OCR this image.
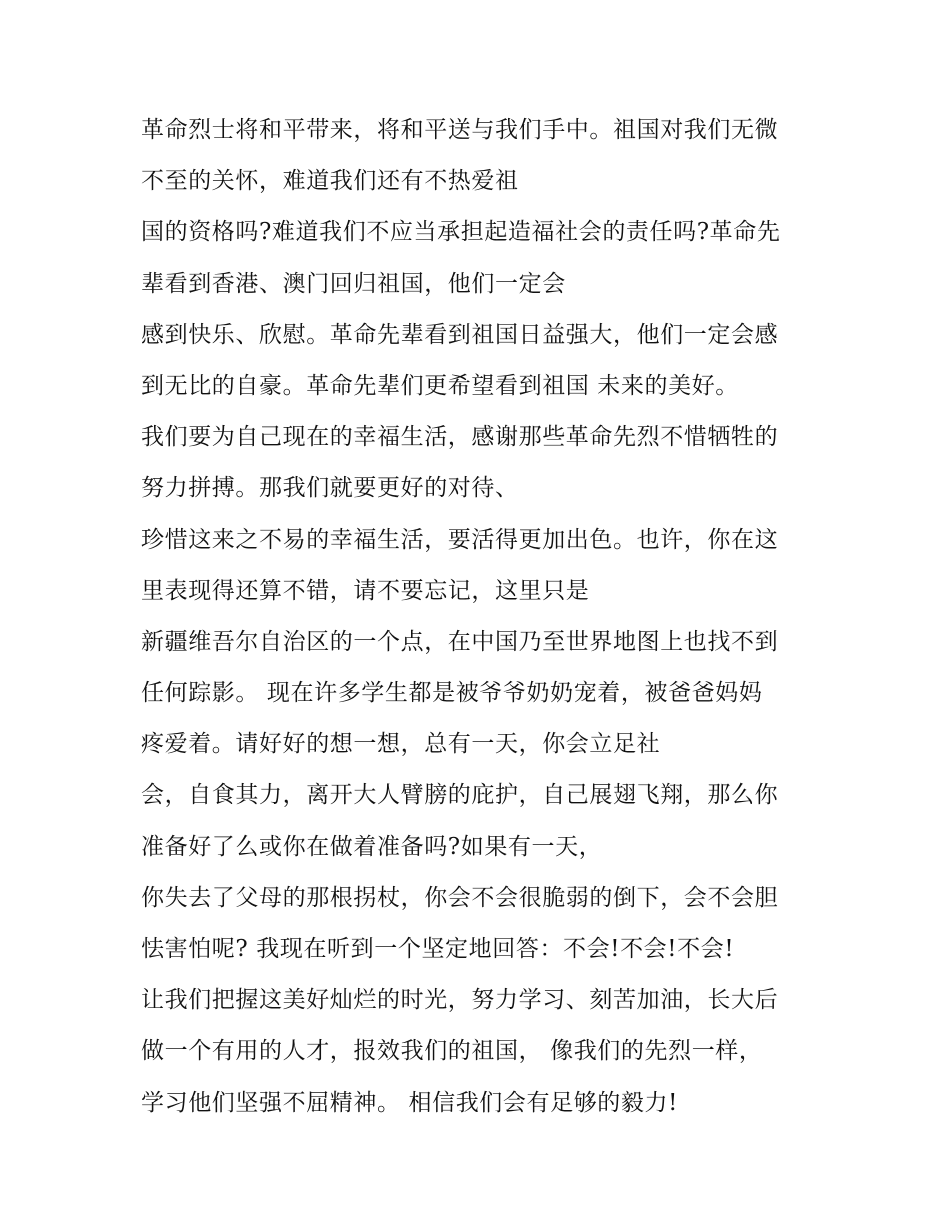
革命烈士将和平带来，将和平送与我们手中。祖国对我们无微
不至的关怀，难道我们还有不热爱祖
国的资格吗?难道我们不应当承担起造福社会的责任吗?革命先
辈看到香港、澳门回归祖国，他们一定会
感到快乐、欣慰。革命先辈看到祖国日益强大，他们一定会感
到无比的自豪。革命先辈们更希望看到祖国 未来的美好。
我们要为自己现在的幸福生活，感谢那些革命先烈不惜牺牲的
努力拼搏。那我们就要更好的对待、
珍惜这来之不易的幸福生活，要活得更加出色。也许，你在这
里表现得还算不错，请不要忘记，这里只是
新疆维吾尔自治区的一个点，在中国乃至世界地图上也找不到
任何踪影。 现在许多学生都是被爷爷奶奶宠着，被爸爸妈妈
疼爱着。请好好的想一想，总有一天，你会立足社
会，自食其力，离开大人臂膀的庇护，自己展翅飞翔，那么你
准备好了么或你在做着准备吗?如果有一天，
你失去了父母的那根拐杖，你会不会很脆弱的倒下，会不会胆
怯害怕呢? 我现在听到一个坚定地回答：不会!不会!不会!
让我们把握这美好灿烂的时光，努力学习、刻苦加油，长大后
做一个有用的人才，报效我们的祖国， 像我们的先烈一样，
学习他们坚强不屈精神。 相信我们会有足够的毅力!
